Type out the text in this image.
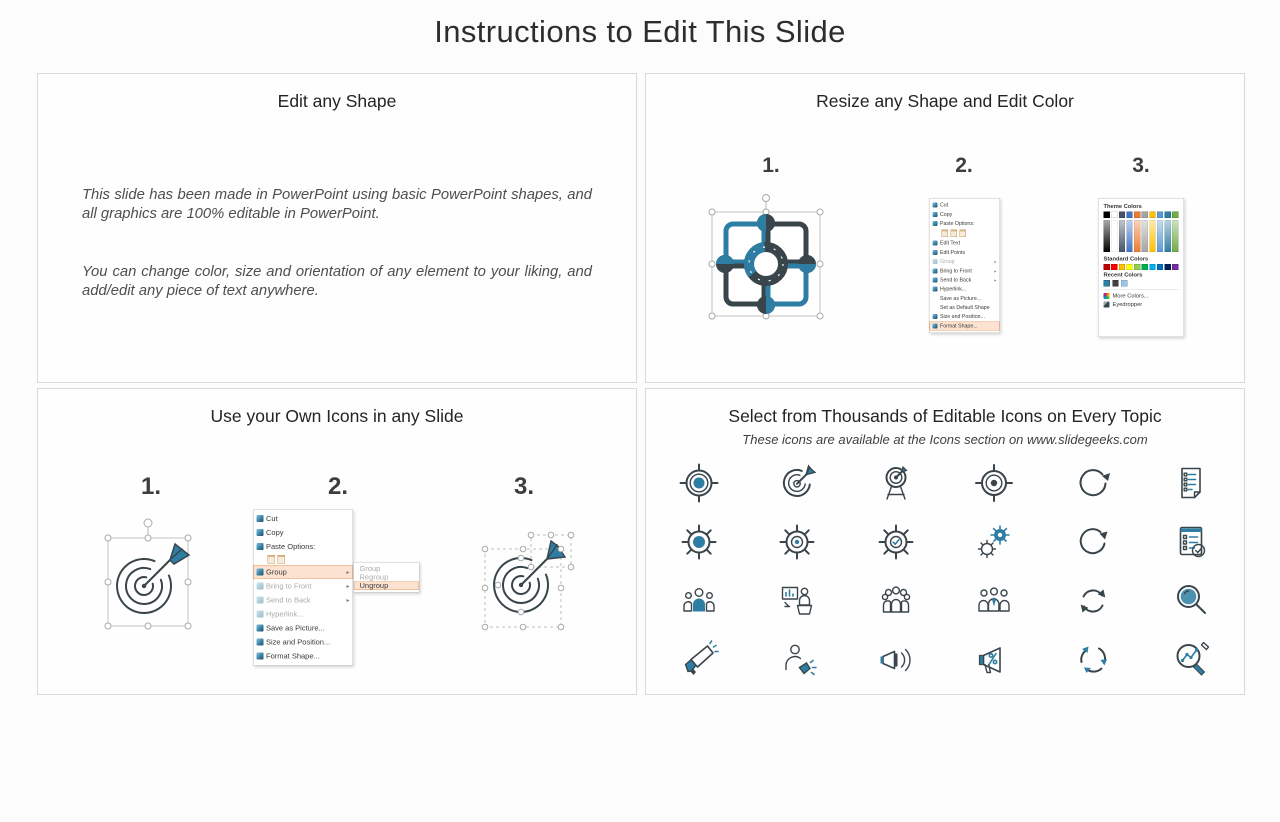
Instructions to Edit This Slide
Edit any Shape

This slide has been made in PowerPoint using basic PowerPoint shapes, and all graphics are 100% editable in PowerPoint.

You can change color, size and orientation of any element to your liking, and add/edit any piece of text anywhere.

Resize any Shape and Edit Color
1.	2.	3.
Cut
Copy
Paste Options:
Edit Text
Edit Points
Group	▸
Bring to Front	▸
Send to Back	▸
Hyperlink...
Save as Picture...
Set as Default Shape
Size and Position...
Format Shape...
Theme Colors
Standard Colors
Recent Colors
More Colors...
Eyedropper
Use your Own Icons in any Slide
1.	2.	3.
Cut
Copy
Paste Options:
Group	▸
Bring to Front	▸
Send to Back	▸
Hyperlink...
Save as Picture...
Size and Position...
Format Shape...
Group
Regroup
Ungroup
Select from Thousands of Editable Icons on Every Topic
These icons are available at the Icons section on www.slidegeeks.com
